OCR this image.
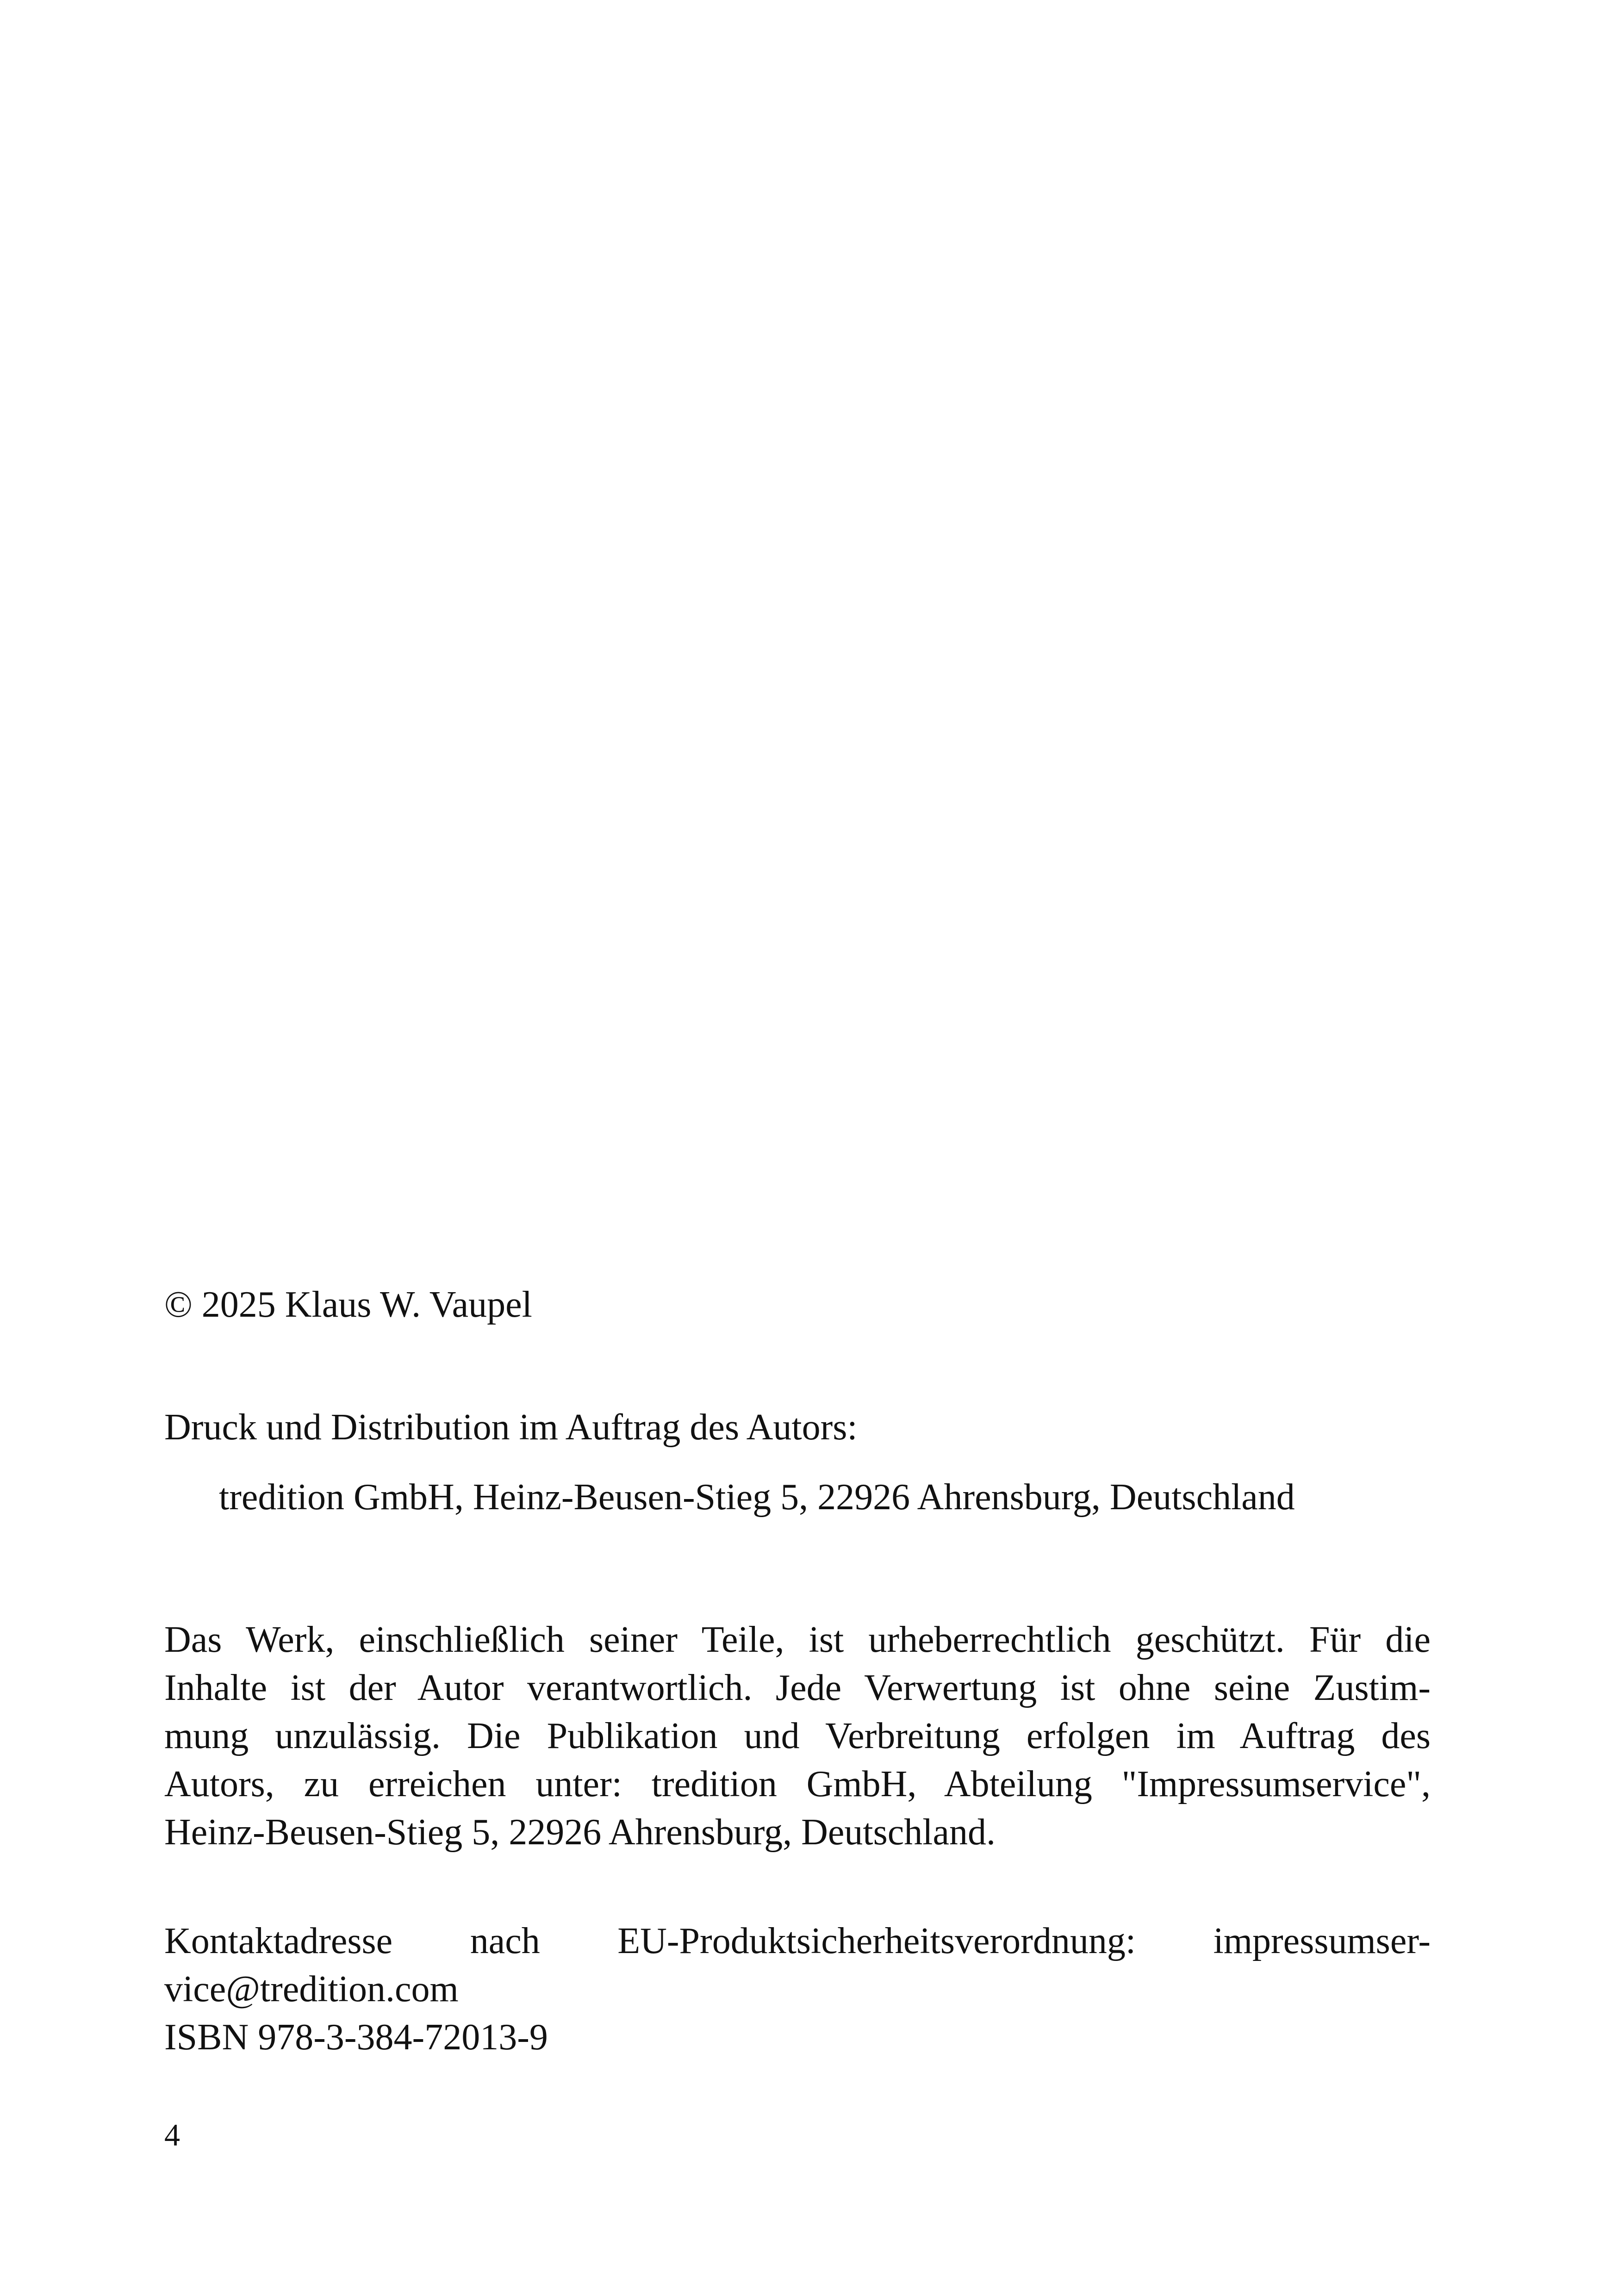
© 2025 Klaus W. Vaupel

Druck und Distribution im Auftrag des Autors:

tredition GmbH, Heinz-Beusen-Stieg 5, 22926 Ahrensburg, Deutschland

Das Werk, einschließlich seiner Teile, ist urheberrechtlich geschützt. Für die
Inhalte ist der Autor verantwortlich. Jede Verwertung ist ohne seine Zustim-
mung unzulässig. Die Publikation und Verbreitung erfolgen im Auftrag des
Autors, zu erreichen unter: tredition GmbH, Abteilung "Impressumservice",
Heinz-Beusen-Stieg 5, 22926 Ahrensburg, Deutschland.
Kontaktadresse nach EU-Produktsicherheitsverordnung: impressumser-
vice@tredition.com
ISBN 978-3-384-72013-9
4
